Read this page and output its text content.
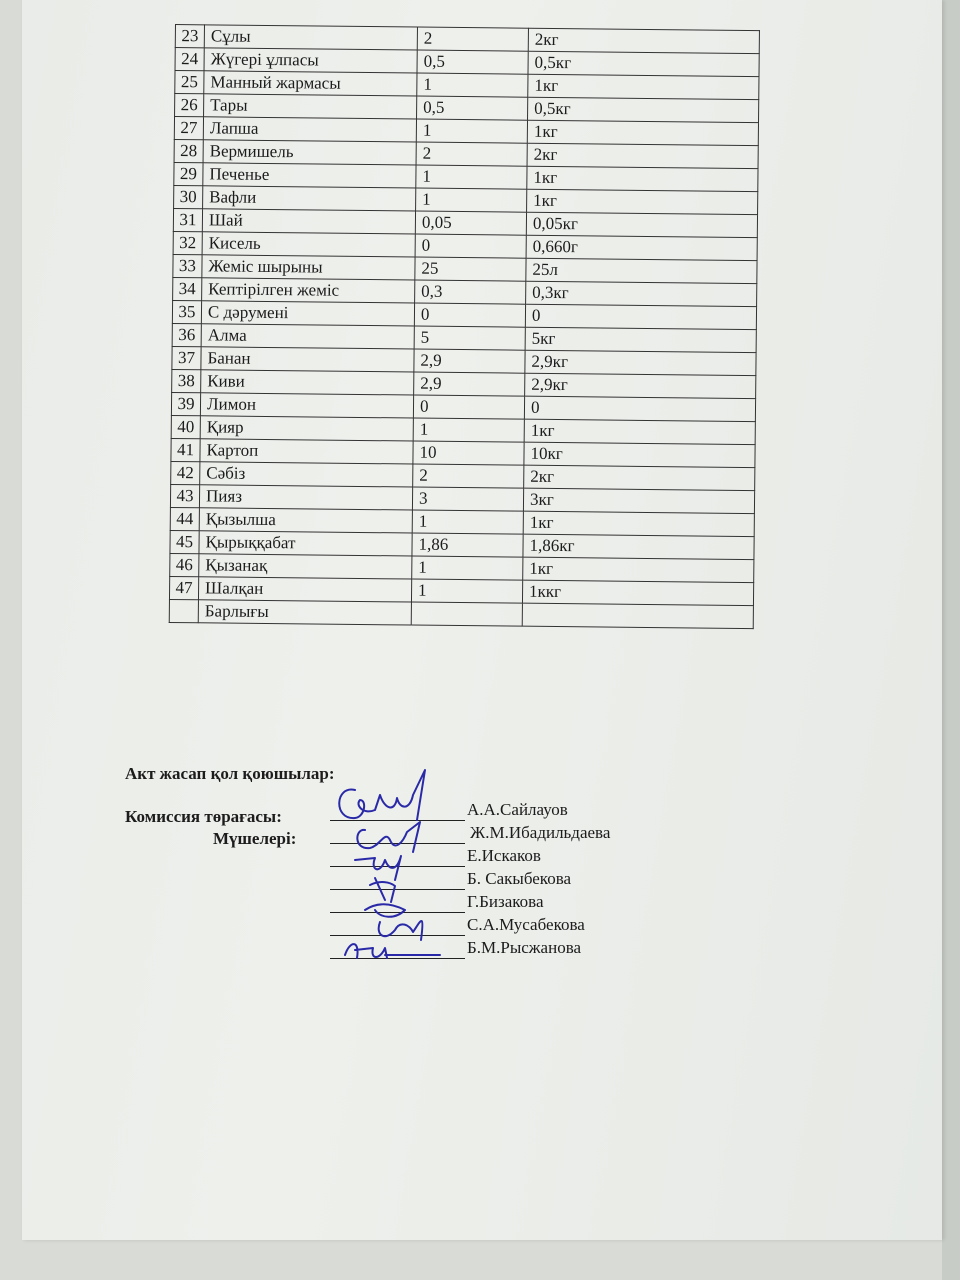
23	Сұлы	2	2кг
24	Жүгері ұлпасы	0,5	0,5кг
25	Манный жармасы	1	1кг
26	Тары	0,5	0,5кг
27	Лапша	1	1кг
28	Вермишель	2	2кг
29	Печенье	1	1кг
30	Вафли	1	1кг
31	Шай	0,05	0,05кг
32	Кисель	0	0,660г
33	Жеміс шырыны	25	25л
34	Кептірілген жеміс	0,3	0,3кг
35	С дәрумені	0	0
36	Алма	5	5кг
37	Банан	2,9	2,9кг
38	Киви	2,9	2,9кг
39	Лимон	0	0
40	Қияр	1	1кг
41	Картоп	10	10кг
42	Сәбіз	2	2кг
43	Пияз	3	3кг
44	Қызылша	1	1кг
45	Қырыққабат	1,86	1,86кг
46	Қызанақ	1	1кг
47	Шалқан	1	1ккг
	Барлығы		
Акт жасап қол қоюшылар:
Комиссия төрағасы:
Мүшелері:
А.А.Сайлауов
Ж.М.Ибадильдаева
Е.Искаков
Б. Сакыбекова
Г.Бизакова
С.А.Мусабекова
Б.М.Рысжанова
